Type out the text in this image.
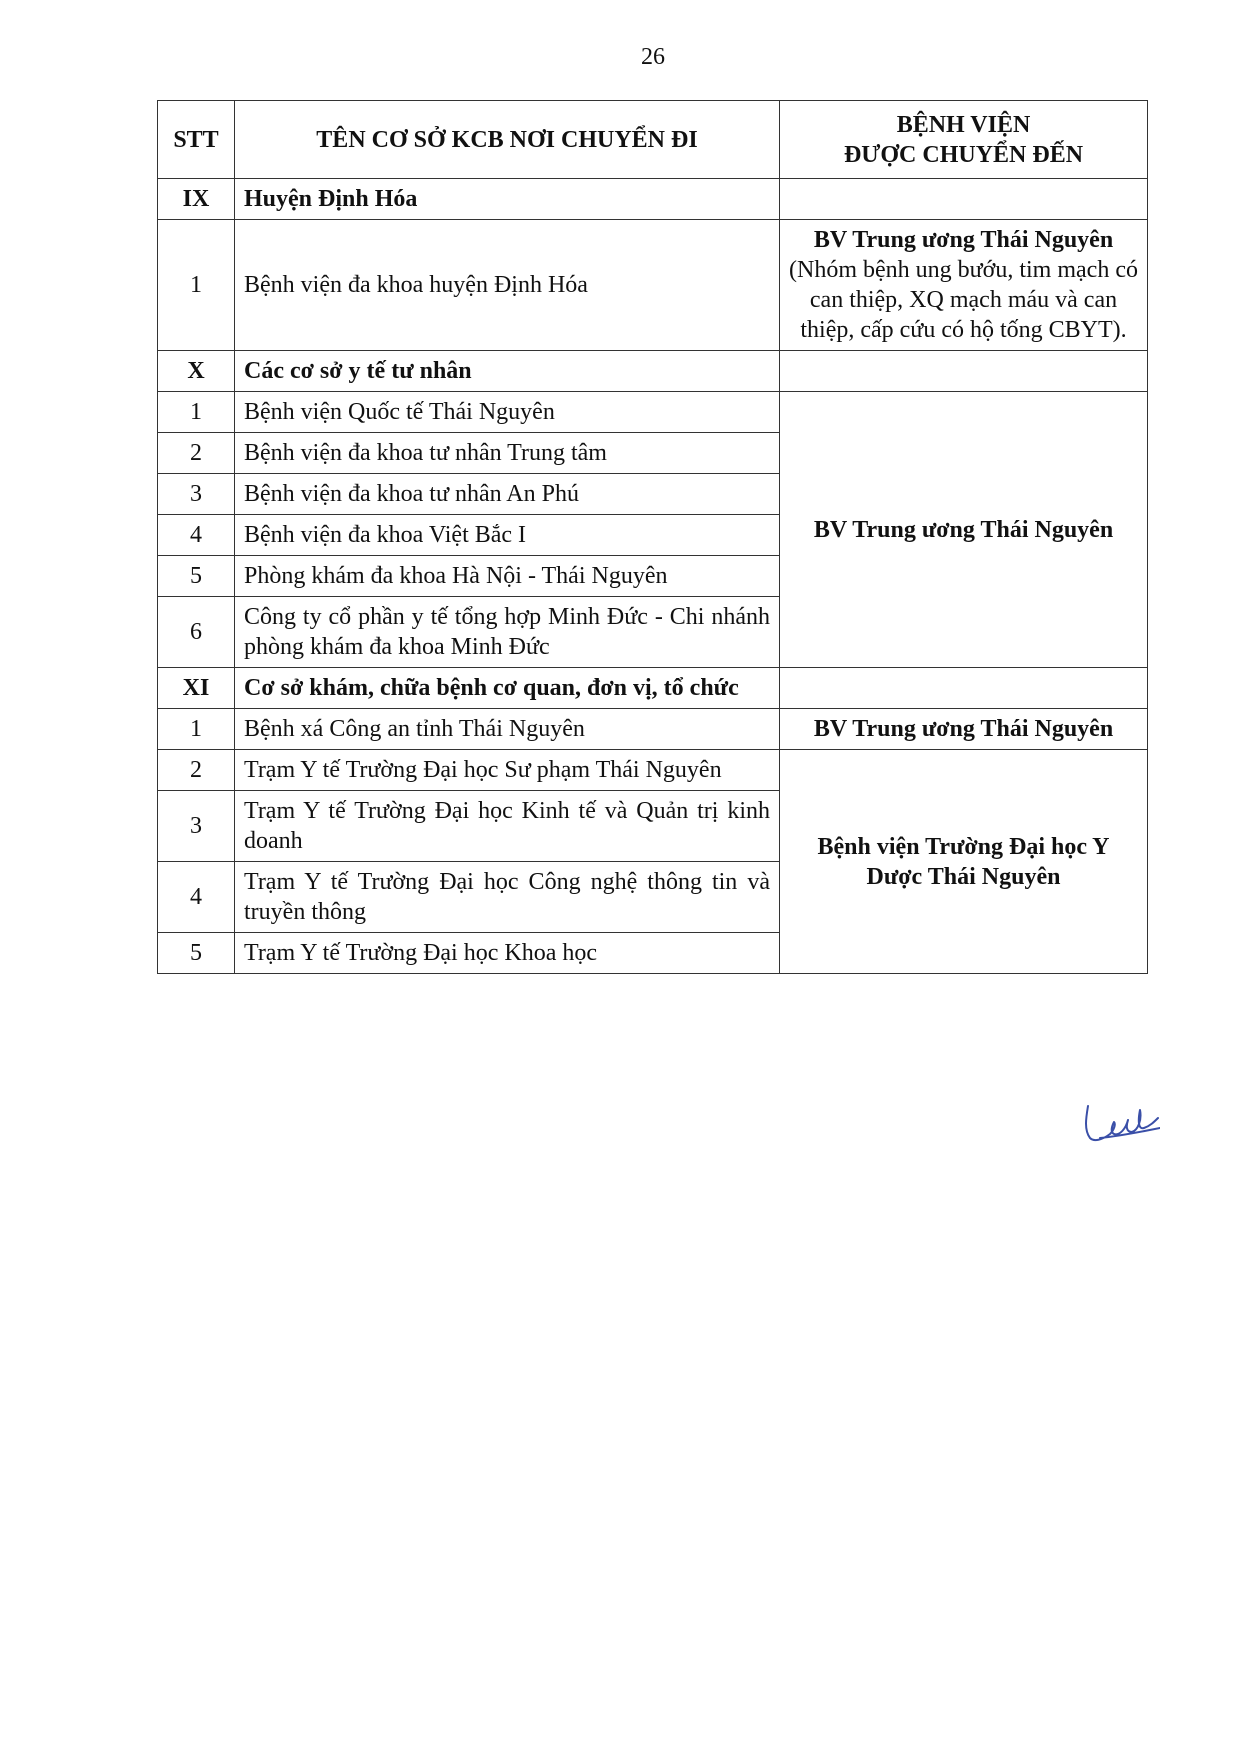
26
STT	TÊN CƠ SỞ KCB NƠI CHUYỂN ĐI	BỆNH VIỆN
ĐƯỢC CHUYỂN ĐẾN
IX	Huyện Định Hóa	
1	Bệnh viện đa khoa huyện Định Hóa	BV Trung ương Thái Nguyên
(Nhóm bệnh ung bướu, tim mạch có can thiệp, XQ mạch máu và can thiệp, cấp cứu có hộ tống CBYT).
X	Các cơ sở y tế tư nhân	
1	Bệnh viện Quốc tế Thái Nguyên	BV Trung ương Thái Nguyên
2	Bệnh viện đa khoa tư nhân Trung tâm	
3	Bệnh viện đa khoa tư nhân An Phú	
4	Bệnh viện đa khoa Việt Bắc I	
5	Phòng khám đa khoa Hà Nội - Thái Nguyên	
6	Công ty cổ phần y tế tổng hợp Minh Đức - Chi nhánh phòng khám đa khoa Minh Đức	
XI	Cơ sở khám, chữa bệnh cơ quan, đơn vị, tổ chức	
1	Bệnh xá Công an tỉnh Thái Nguyên	BV Trung ương Thái Nguyên
2	Trạm Y tế Trường Đại học Sư phạm Thái Nguyên	Bệnh viện Trường Đại học Y Dược Thái Nguyên
3	Trạm Y tế Trường Đại học Kinh tế và Quản trị kinh doanh	
4	Trạm Y tế Trường Đại học Công nghệ thông tin và truyền thông	
5	Trạm Y tế Trường Đại học Khoa học	
